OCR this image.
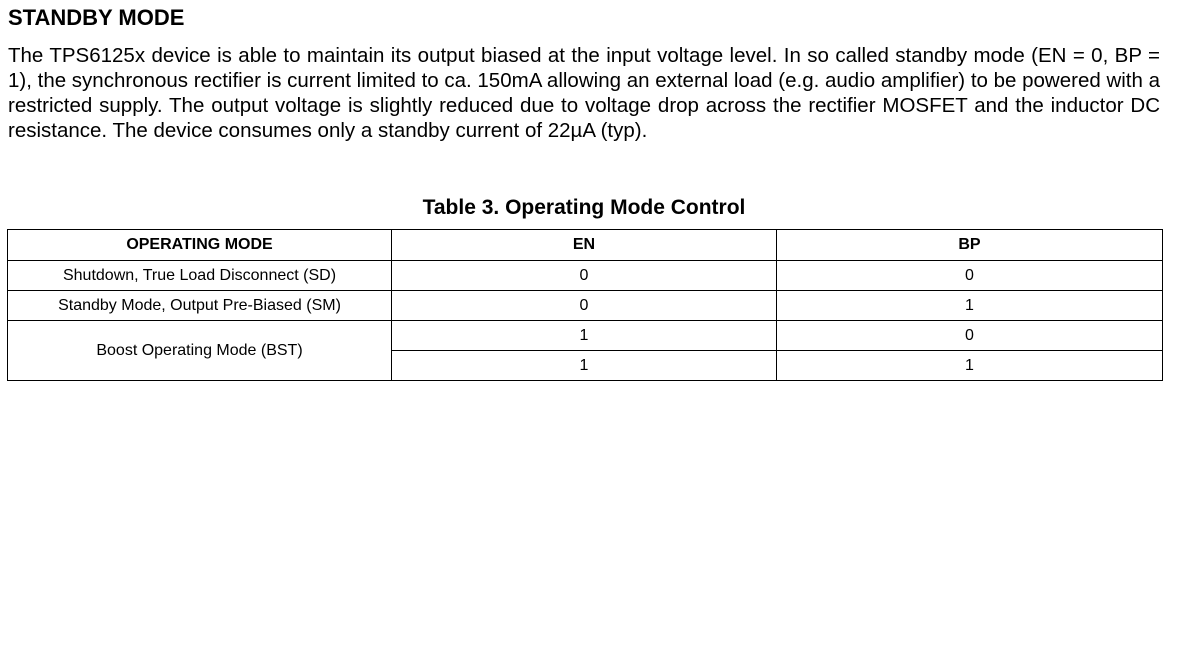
STANDBY MODE

The TPS6125x device is able to maintain its output biased at the input voltage level. In so called standby mode (EN = 0, BP = 1), the synchronous rectifier is current limited to ca. 150mA allowing an external load (e.g. audio amplifier) to be powered with a restricted supply. The output voltage is slightly reduced due to voltage drop across the rectifier MOSFET and the inductor DC resistance. The device consumes only a standby current of 22µA (typ).

Table 3. Operating Mode Control
OPERATING MODE	EN	BP
Shutdown, True Load Disconnect (SD)	0	0
Standby Mode, Output Pre-Biased (SM)	0	1
Boost Operating Mode (BST)	1	0
	1	1
